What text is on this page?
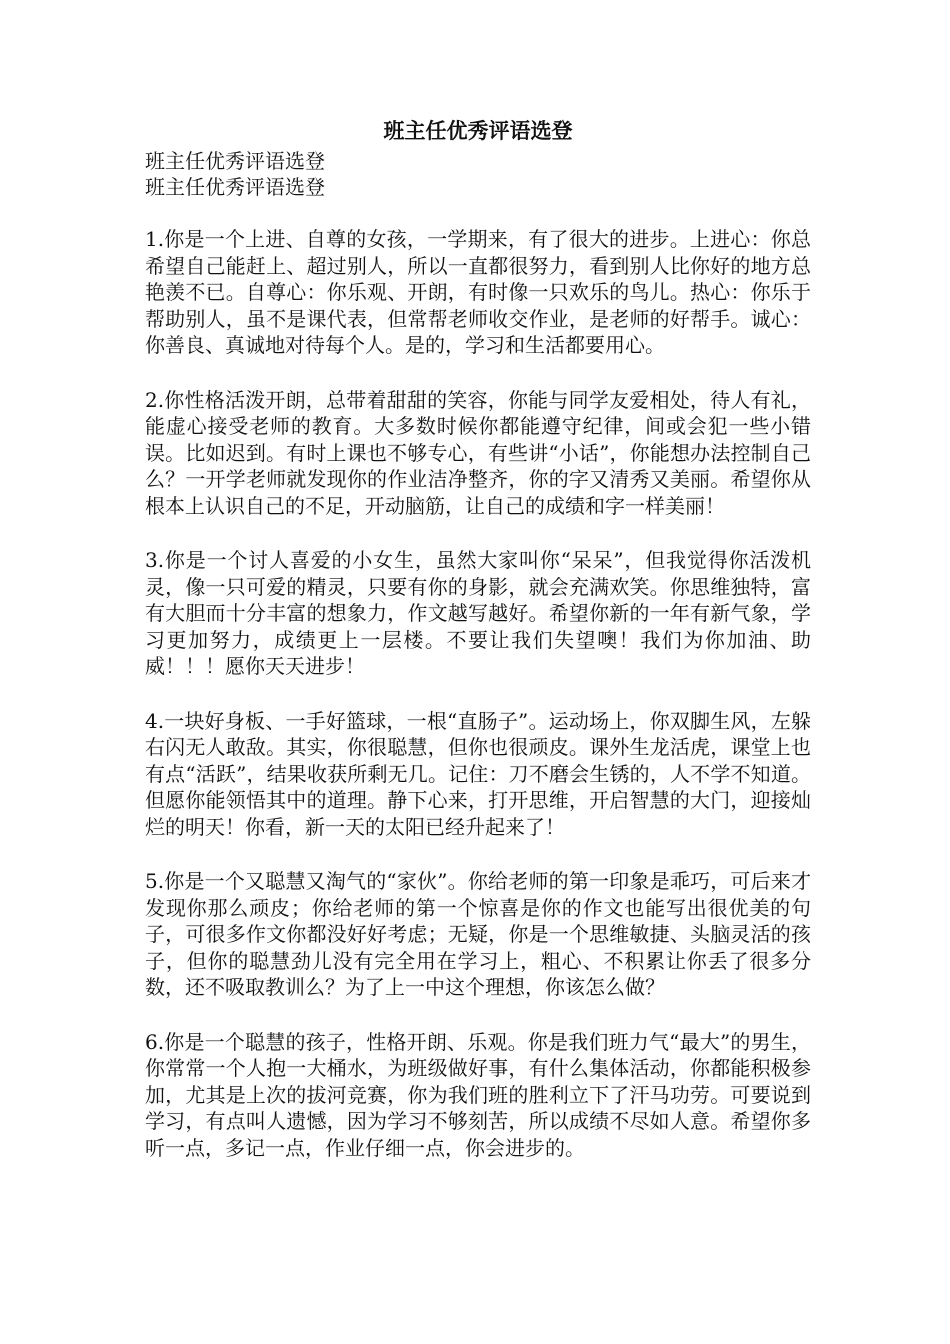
班主任优秀评语选登

班主任优秀评语选登

班主任优秀评语选登

1.你是一个上进、自尊的女孩，一学期来，有了很大的进步。上进心：你总希望自己能赶上、超过别人，所以一直都很努力，看到别人比你好的地方总艳羡不已。自尊心：你乐观、开朗，有时像一只欢乐的鸟儿。热心：你乐于帮助别人，虽不是课代表，但常帮老师收交作业，是老师的好帮手。诚心：你善良、真诚地对待每个人。是的，学习和生活都要用心。

2.你性格活泼开朗，总带着甜甜的笑容，你能与同学友爱相处，待人有礼，能虚心接受老师的教育。大多数时候你都能遵守纪律，间或会犯一些小错误。比如迟到。有时上课也不够专心，有些讲“小话”，你能想办法控制自己么？一开学老师就发现你的作业洁净整齐，你的字又清秀又美丽。希望你从根本上认识自己的不足，开动脑筋，让自己的成绩和字一样美丽！

3.你是一个讨人喜爱的小女生，虽然大家叫你“呆呆”，但我觉得你活泼机灵，像一只可爱的精灵，只要有你的身影，就会充满欢笑。你思维独特，富有大胆而十分丰富的想象力，作文越写越好。希望你新的一年有新气象，学习更加努力，成绩更上一层楼。不要让我们失望噢！我们为你加油、助威！！！愿你天天进步！

4.一块好身板、一手好篮球，一根“直肠子”。运动场上，你双脚生风，左躲右闪无人敢敌。其实，你很聪慧，但你也很顽皮。课外生龙活虎，课堂上也有点“活跃”，结果收获所剩无几。记住：刀不磨会生锈的，人不学不知道。但愿你能领悟其中的道理。静下心来，打开思维，开启智慧的大门，迎接灿烂的明天！你看，新一天的太阳已经升起来了！

5.你是一个又聪慧又淘气的“家伙”。你给老师的第一印象是乖巧，可后来才发现你那么顽皮；你给老师的第一个惊喜是你的作文也能写出很优美的句子，可很多作文你都没好好考虑；无疑，你是一个思维敏捷、头脑灵活的孩子，但你的聪慧劲儿没有完全用在学习上，粗心、不积累让你丢了很多分数，还不吸取教训么？为了上一中这个理想，你该怎么做？

6.你是一个聪慧的孩子，性格开朗、乐观。你是我们班力气“最大”的男生，你常常一个人抱一大桶水，为班级做好事，有什么集体活动，你都能积极参加，尤其是上次的拔河竞赛，你为我们班的胜利立下了汗马功劳。可要说到学习，有点叫人遗憾，因为学习不够刻苦，所以成绩不尽如人意。希望你多听一点，多记一点，作业仔细一点，你会进步的。
